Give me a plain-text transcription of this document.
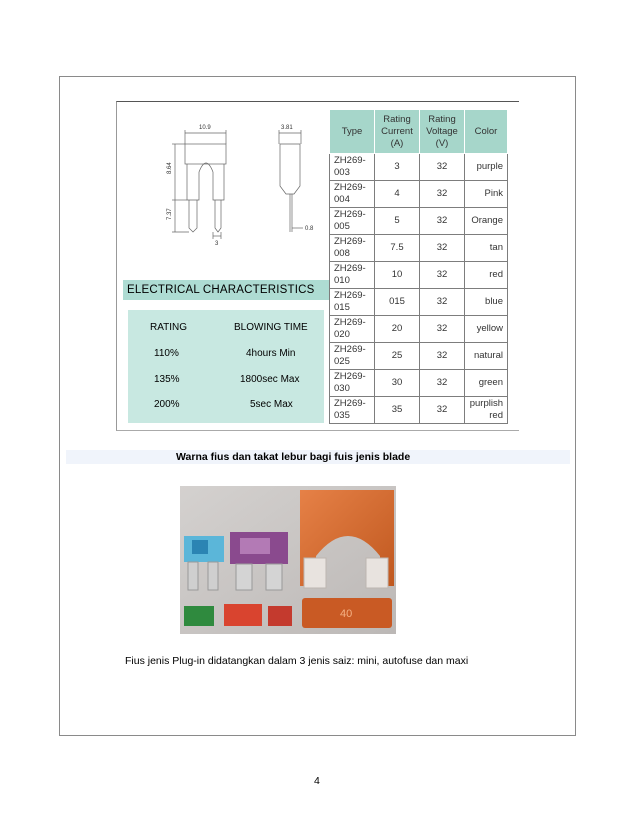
10.9	3.81
8.64
7.37
3
0.8
ELECTRICAL CHARACTERISTICS
RATING	BLOWING TIME
110%	4hours Min
135%	1800sec Max
200%	5sec Max
Type	Rating
Current
(A)	Rating
Voltage
(V)	Color
ZH269-
003	3	32	purple
ZH269-
004	4	32	Pink
ZH269-
005	5	32	Orange
ZH269-
008	7.5	32	tan
ZH269-
010	10	32	red
ZH269-
015	015	32	blue
ZH269-
020	20	32	yellow
ZH269-
025	25	32	natural
ZH269-
030	30	32	green
ZH269-
035	35	32	purplish
red
Warna fius dan takat lebur bagi fuis jenis blade
40
Fius jenis Plug-in didatangkan dalam 3 jenis saiz: mini, autofuse dan maxi
4
